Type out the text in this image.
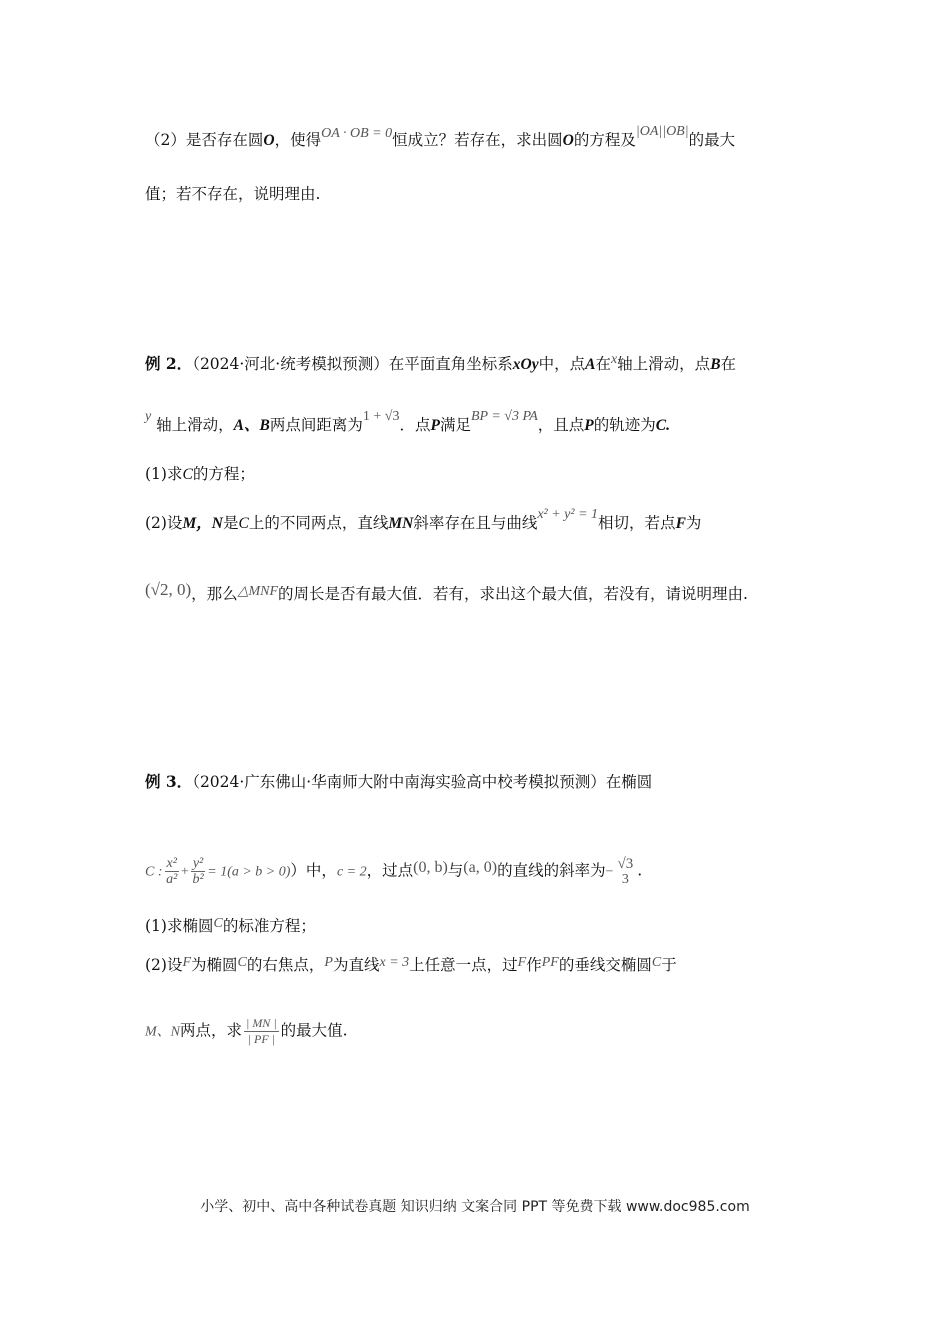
（2）是否存在圆O，使得OA · OB = 0恒成立？若存在，求出圆O的方程及|OA||OB|的最大
值；若不存在，说明理由.
例 2．（2024·河北·统考模拟预测）在平面直角坐标系xOy中，点A在x轴上滑动，点B在
y 轴上滑动，A、B两点间距离为1 + √3．点P满足BP = √3 PA，且点P的轨迹为C.
(1)求C的方程；
(2)设M，N是C上的不同两点，直线MN斜率存在且与曲线x² + y² = 1相切，若点F为
(√2, 0)，那么△MNF的周长是否有最大值．若有，求出这个最大值，若没有，请说明理由.
例 3．（2024·广东佛山·华南师大附中南海实验高中校考模拟预测）在椭圆
C : $\frac{\text{x²}}{\text{a²}} + \frac{\text{y²}}{\text{b²}} = 1(a > b > 0)$）中，c = 2，过点(0, b)与(a, 0)的直线的斜率为−
√3
3 .
(1)求椭圆C的标准方程；
(2)设F为椭圆C的右焦点，P为直线x = 3上任意一点，过F作PF的垂线交椭圆C于
M、N两点，求 $\frac{| MN |}{| PF |}$ 的最大值.
小学、初中、高中各种试卷真题 知识归纳 文案合同 PPT 等免费下载 www.doc985.com
